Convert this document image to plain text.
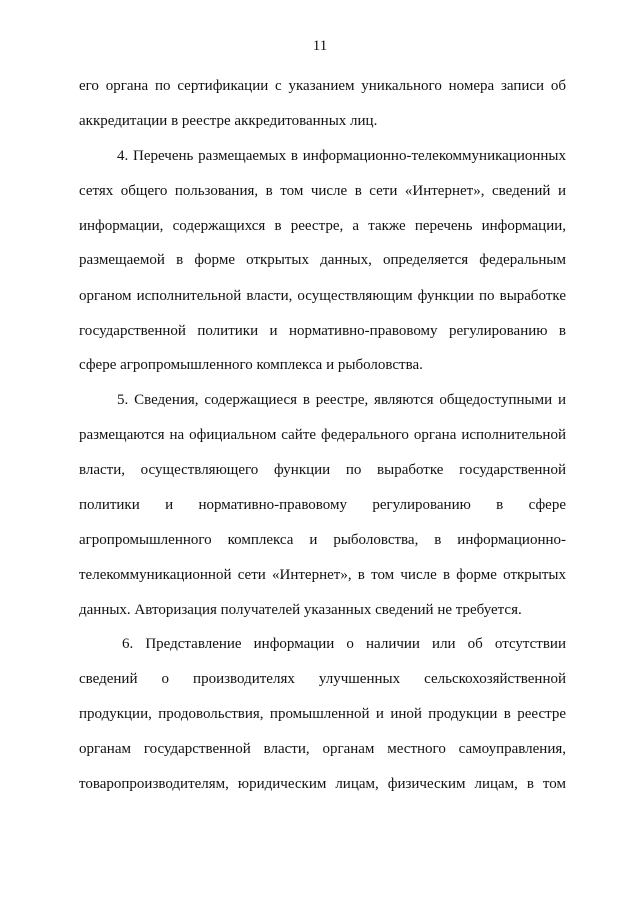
11
его органа по сертификации с указанием уникального номера записи об
аккредитации в реестре аккредитованных лиц.
4. Перечень размещаемых в информационно-телекоммуникационных
сетях общего пользования, в том числе в сети «Интернет», сведений и
информации, содержащихся в реестре, а также перечень информации,
размещаемой в форме открытых данных, определяется федеральным
органом исполнительной власти, осуществляющим функции по выработке
государственной политики и нормативно-правовому регулированию в
сфере агропромышленного комплекса и рыболовства.
5. Сведения, содержащиеся в реестре, являются общедоступными и
размещаются на официальном сайте федерального органа исполнительной
власти, осуществляющего функции по выработке государственной
политики и нормативно-правовому регулированию в сфере
агропромышленного комплекса и рыболовства, в информационно-
телекоммуникационной сети «Интернет», в том числе в форме открытых
данных. Авторизация получателей указанных сведений не требуется.
6. Представление информации о наличии или об отсутствии
сведений о производителях улучшенных сельскохозяйственной
продукции, продовольствия, промышленной и иной продукции в реестре
органам государственной власти, органам местного самоуправления,
товаропроизводителям, юридическим лицам, физическим лицам, в том
